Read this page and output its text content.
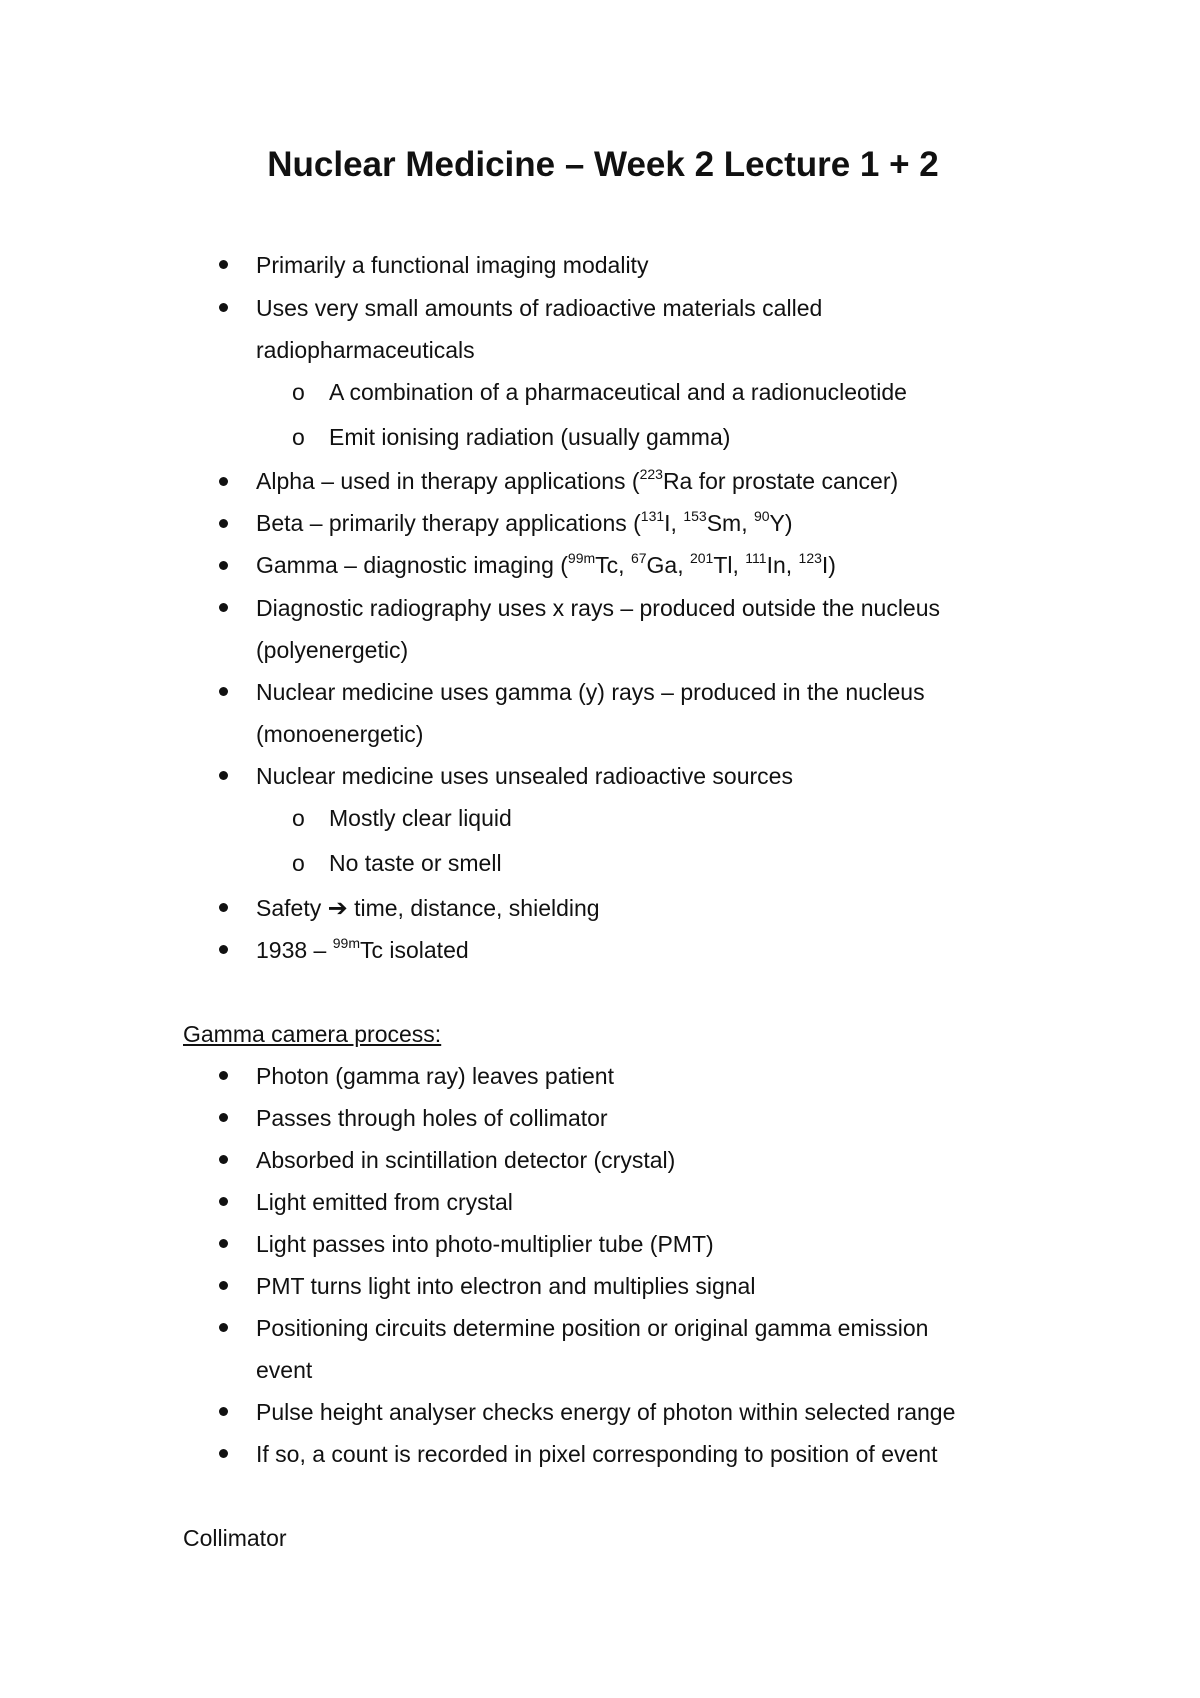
Nuclear Medicine – Week 2 Lecture 1 + 2
Primarily a functional imaging modality
Uses very small amounts of radioactive materials called
radiopharmaceuticals
o A combination of a pharmaceutical and a radionucleotide
o Emit ionising radiation (usually gamma)
Alpha – used in therapy applications ($^{223}$Ra for prostate cancer)
Beta – primarily therapy applications ($^{131}$I, $^{153}$Sm, $^{90}$Y)
Gamma – diagnostic imaging ($^{99m}$Tc, $^{67}$Ga, $^{201}$Tl, $^{111}$In, $^{123}$I)
Diagnostic radiography uses x rays – produced outside the nucleus
(polyenergetic)
Nuclear medicine uses gamma (y) rays – produced in the nucleus
(monoenergetic)
Nuclear medicine uses unsealed radioactive sources
o Mostly clear liquid
o No taste or smell
Safety ➔ time, distance, shielding
1938 – $^{99m}$Tc isolated
Gamma camera process:
Photon (gamma ray) leaves patient
Passes through holes of collimator
Absorbed in scintillation detector (crystal)
Light emitted from crystal
Light passes into photo-multiplier tube (PMT)
PMT turns light into electron and multiplies signal
Positioning circuits determine position or original gamma emission
event
Pulse height analyser checks energy of photon within selected range
If so, a count is recorded in pixel corresponding to position of event
Collimator
